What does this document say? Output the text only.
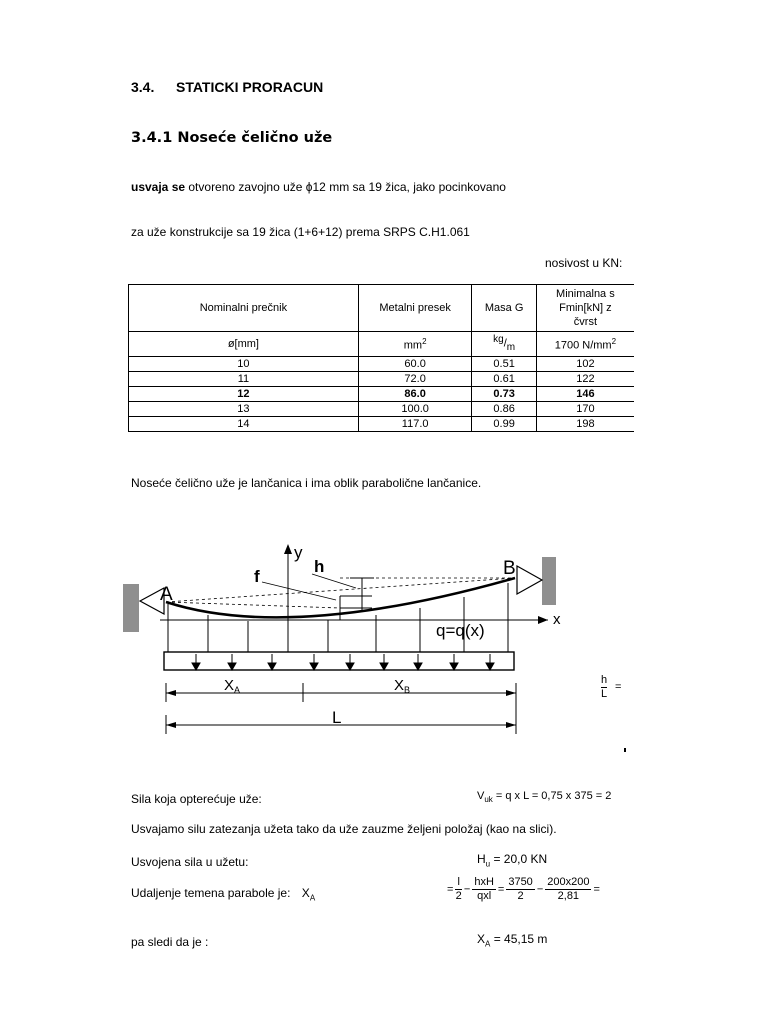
3.4. STATICKI PRORACUN
3.4.1 Noseće čelično uže
usvaja se otvoreno zavojno uže ϕ12 mm sa 19 žica, jako pocinkovano
za uže konstrukcije sa 19 žica (1+6+12) prema SRPS C.H1.061
nosivost u KN:
Nominalni prečnik	Metalni presek	Masa G	Minimalna s
Fmin[kN] z
čvrst

ø[mm]	$mm^2$	$^{kg}/_m$	1700 $N/mm^2$
10	60.0	0.51	102
11	72.0	0.61	122
12	86.0	0.73	146
13	100.0	0.86	170
14	117.0	0.99	198
Noseće čelično uže je lančanica i ima oblik parabolične lančanice.
y
x
A
B
f
h
q=q(x)
$X_A$	$X_B$
L
$\frac{h}{L}$ =
Sila koja opterećuje uže:	$V_{uk} = q$ x L = 0,75 x 375 = 2
Usvajamo silu zatezanja užeta tako da uže zauzme željeni položaj (kao na slici).
Usvojena sila u užetu:	$H_u = 20,0$ KN
Udaljenje temena parabole je: $X_A$
= $\frac{l}{2} - \frac{\text{hxH}}{\text{qxl}} = \frac{3750}{2} - \frac{200x200}{2,81}$ =
pa sledi da je :	$X_A = 45,15$ m
